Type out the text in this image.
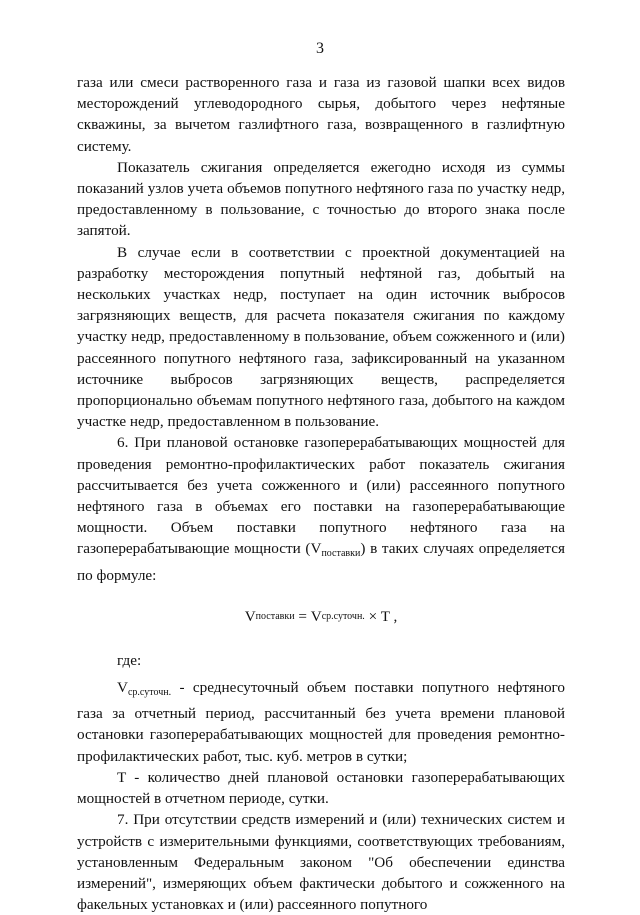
3

газа или смеси растворенного газа и газа из газовой шапки всех видов месторождений углеводородного сырья, добытого через нефтяные скважины, за вычетом газлифтного газа, возвращенного в газлифтную систему.

Показатель сжигания определяется ежегодно исходя из суммы показаний узлов учета объемов попутного нефтяного газа по участку недр, предоставленному в пользование, с точностью до второго знака после запятой.

В случае если в соответствии с проектной документацией на разработку месторождения попутный нефтяной газ, добытый на нескольких участках недр, поступает на один источник выбросов загрязняющих веществ, для расчета показателя сжигания по каждому участку недр, предоставленному в пользование, объем сожженного и (или) рассеянного попутного нефтяного газа, зафиксированный на указанном источнике выбросов загрязняющих веществ, распределяется пропорционально объемам попутного нефтяного газа, добытого на каждом участке недр, предоставленном в пользование.

6. При плановой остановке газоперерабатывающих мощностей для проведения ремонтно-профилактических работ показатель сжигания рассчитывается без учета сожженного и (или) рассеянного попутного нефтяного газа в объемах его поставки на газоперерабатывающие мощности. Объем поставки попутного нефтяного газа на газоперерабатывающие мощности $(V_{поставки})$ в таких случаях определяется по формуле:

V поставки = V ср.суточн. × T ,

где:

$V_{ср.суточн.}$ - среднесуточный объем поставки попутного нефтяного газа за отчетный период, рассчитанный без учета времени плановой остановки газоперерабатывающих мощностей для проведения ремонтно-профилактических работ, тыс. куб. метров в сутки;

T - количество дней плановой остановки газоперерабатывающих мощностей в отчетном периоде, сутки.

7. При отсутствии средств измерений и (или) технических систем и устройств с измерительными функциями, соответствующих требованиям, установленным Федеральным законом "Об обеспечении единства измерений", измеряющих объем фактически добытого и сожженного на факельных установках и (или) рассеянного попутного
